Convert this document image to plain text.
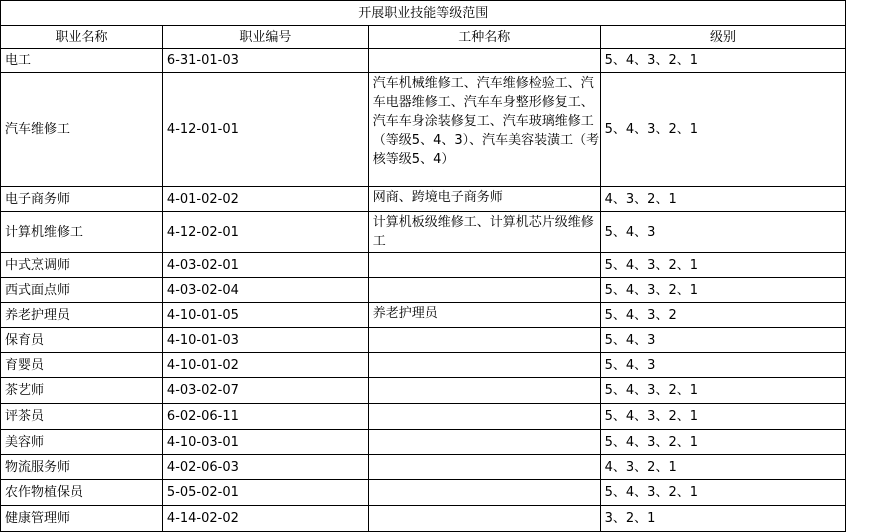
开展职业技能等级范围				
职业名称	职业编号	工种名称	级别	
电工	6-31-01-03		5、4、3、2、1	
汽车维修工	4-12-01-01	汽车机械维修工、汽车维修检验工、汽车电器维修工、汽车车身整形修复工、汽车车身涂装修复工、汽车玻璃维修工（等级5、4、3）、汽车美容装潢工（考核等级5、4）	5、4、3、2、1	
电子商务师	4-01-02-02	网商、跨境电子商务师	4、3、2、1	
计算机维修工	4-12-02-01	计算机板级维修工、计算机芯片级维修工	5、4、3	
中式烹调师	4-03-02-01		5、4、3、2、1	
西式面点师	4-03-02-04		5、4、3、2、1	
养老护理员	4-10-01-05	养老护理员	5、4、3、2	
保育员	4-10-01-03		5、4、3	
育婴员	4-10-01-02		5、4、3	
茶艺师	4-03-02-07		5、4、3、2、1	
评茶员	6-02-06-11		5、4、3、2、1	
美容师	4-10-03-01		5、4、3、2、1	
物流服务师	4-02-06-03		4、3、2、1	
农作物植保员	5-05-02-01		5、4、3、2、1	
健康管理师	4-14-02-02		3、2、1	
